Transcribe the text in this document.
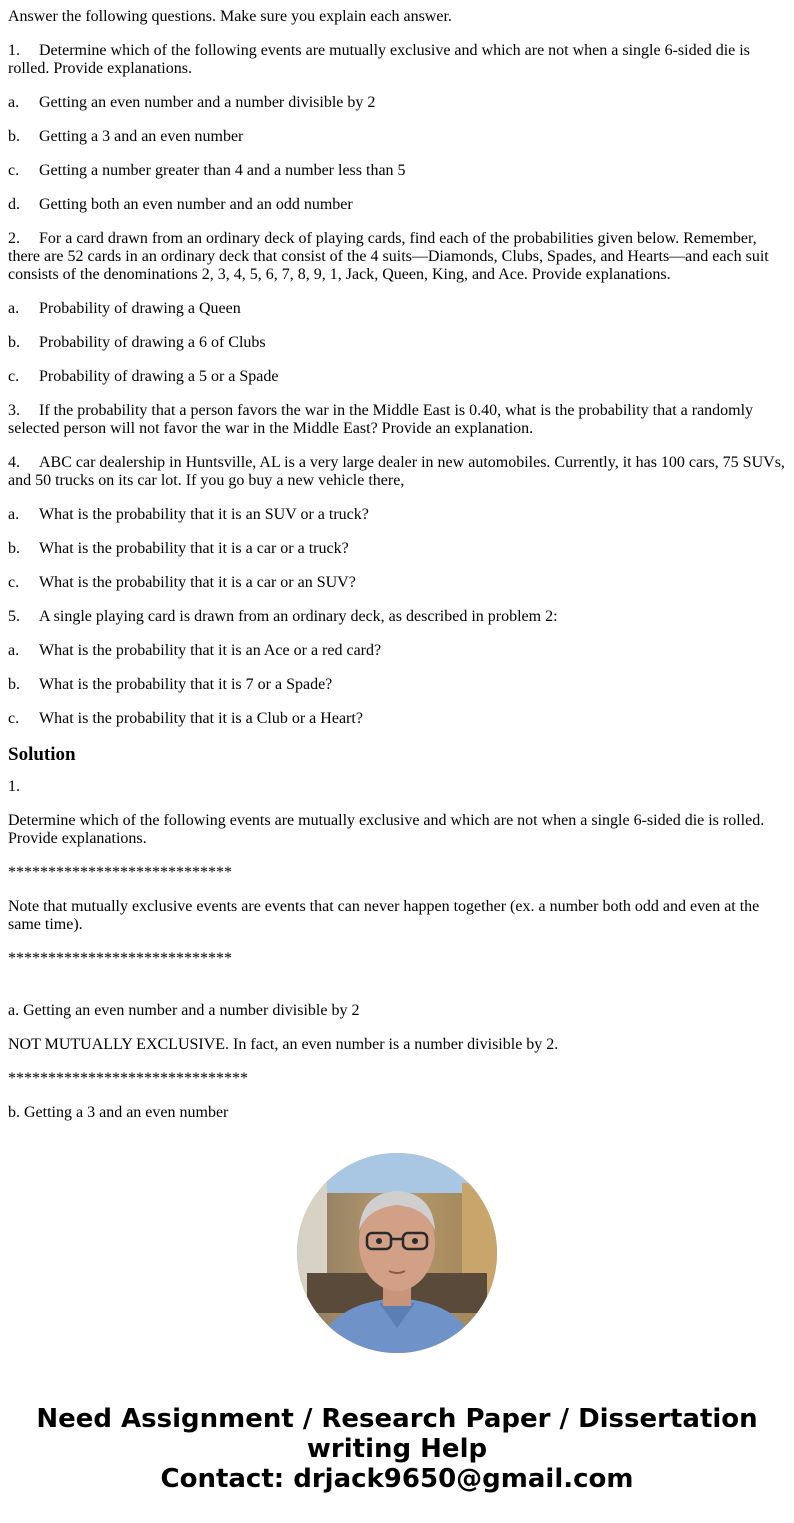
Answer the following questions. Make sure you explain each answer.

1. Determine which of the following events are mutually exclusive and which are not when a single 6-sided die is rolled. Provide explanations.

a. Getting an even number and a number divisible by 2

b. Getting a 3 and an even number

c. Getting a number greater than 4 and a number less than 5

d. Getting both an even number and an odd number

2. For a card drawn from an ordinary deck of playing cards, find each of the probabilities given below. Remember, there are 52 cards in an ordinary deck that consist of the 4 suits—Diamonds, Clubs, Spades, and Hearts—and each suit consists of the denominations 2, 3, 4, 5, 6, 7, 8, 9, 1, Jack, Queen, King, and Ace. Provide explanations.

a. Probability of drawing a Queen

b. Probability of drawing a 6 of Clubs

c. Probability of drawing a 5 or a Spade

3. If the probability that a person favors the war in the Middle East is 0.40, what is the probability that a randomly selected person will not favor the war in the Middle East? Provide an explanation.

4. ABC car dealership in Huntsville, AL is a very large dealer in new automobiles. Currently, it has 100 cars, 75 SUVs, and 50 trucks on its car lot. If you go buy a new vehicle there,

a. What is the probability that it is an SUV or a truck?

b. What is the probability that it is a car or a truck?

c. What is the probability that it is a car or an SUV?

5. A single playing card is drawn from an ordinary deck, as described in problem 2:

a. What is the probability that it is an Ace or a red card?

b. What is the probability that it is 7 or a Spade?

c. What is the probability that it is a Club or a Heart?

Solution

1.

Determine which of the following events are mutually exclusive and which are not when a single 6-sided die is rolled. Provide explanations.

****************************

Note that mutually exclusive events are events that can never happen together (ex. a number both odd and even at the same time).

****************************

a. Getting an even number and a number divisible by 2

NOT MUTUALLY EXCLUSIVE. In fact, an even number is a number divisible by 2.

******************************

b. Getting a 3 and an even number

Need Assignment / Research Paper / Dissertation
writing Help
Contact: drjack9650@gmail.com
